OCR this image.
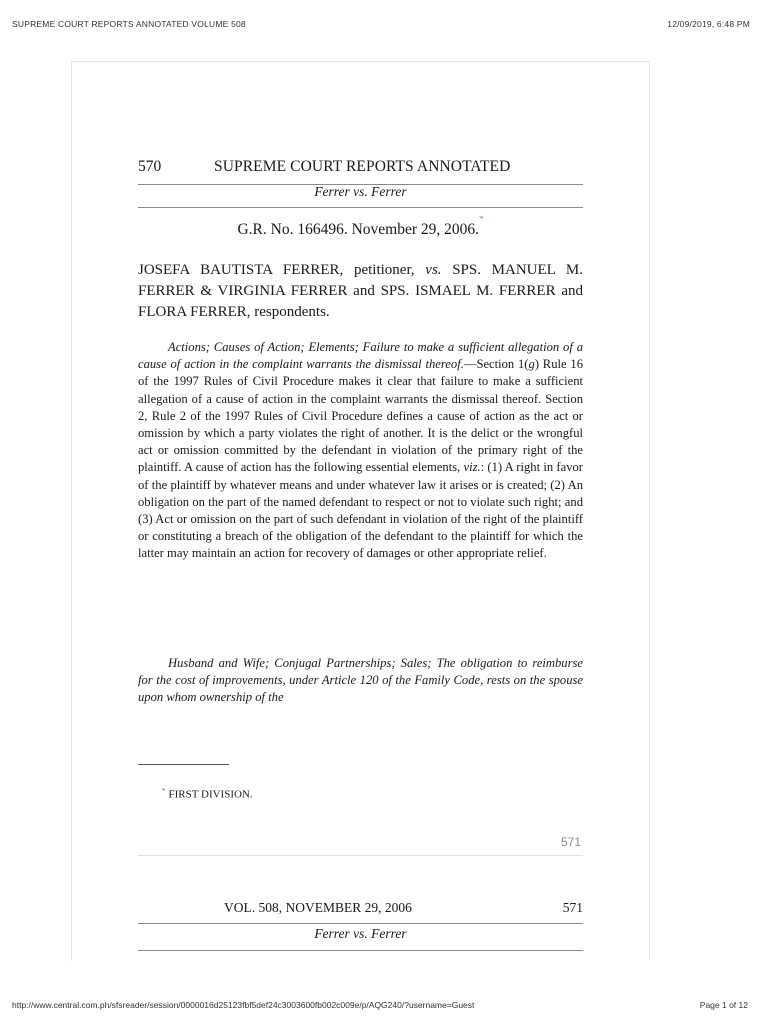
SUPREME COURT REPORTS ANNOTATED VOLUME 508	12/09/2019, 6:48 PM
570	SUPREME COURT REPORTS ANNOTATED
Ferrer vs. Ferrer
G.R. No. 166496. November 29, 2006.*
JOSEFA BAUTISTA FERRER, petitioner, vs. SPS. MANUEL M. FERRER & VIRGINIA FERRER and SPS. ISMAEL M. FERRER and FLORA FERRER, respondents.
Actions; Causes of Action; Elements; Failure to make a sufficient allegation of a cause of action in the complaint warrants the dismissal thereof.—Section 1(g) Rule 16 of the 1997 Rules of Civil Procedure makes it clear that failure to make a sufficient allegation of a cause of action in the complaint warrants the dismissal thereof. Section 2, Rule 2 of the 1997 Rules of Civil Procedure defines a cause of action as the act or omission by which a party violates the right of another. It is the delict or the wrongful act or omission committed by the defendant in violation of the primary right of the plaintiff. A cause of action has the following essential elements, viz.: (1) A right in favor of the plaintiff by whatever means and under whatever law it arises or is created; (2) An obligation on the part of the named defendant to respect or not to violate such right; and (3) Act or omission on the part of such defendant in violation of the right of the plaintiff or constituting a breach of the obligation of the defendant to the plaintiff for which the latter may maintain an action for recovery of damages or other appropriate relief.
Husband and Wife; Conjugal Partnerships; Sales; The obligation to reimburse for the cost of improvements, under Article 120 of the Family Code, rests on the spouse upon whom ownership of the
* FIRST DIVISION.
571
VOL. 508, NOVEMBER 29, 2006	571
Ferrer vs. Ferrer
http://www.central.com.ph/sfsreader/session/0000016d25123fbf5def24c3003600fb002c009e/p/AQG240/?username=Guest	Page 1 of 12
